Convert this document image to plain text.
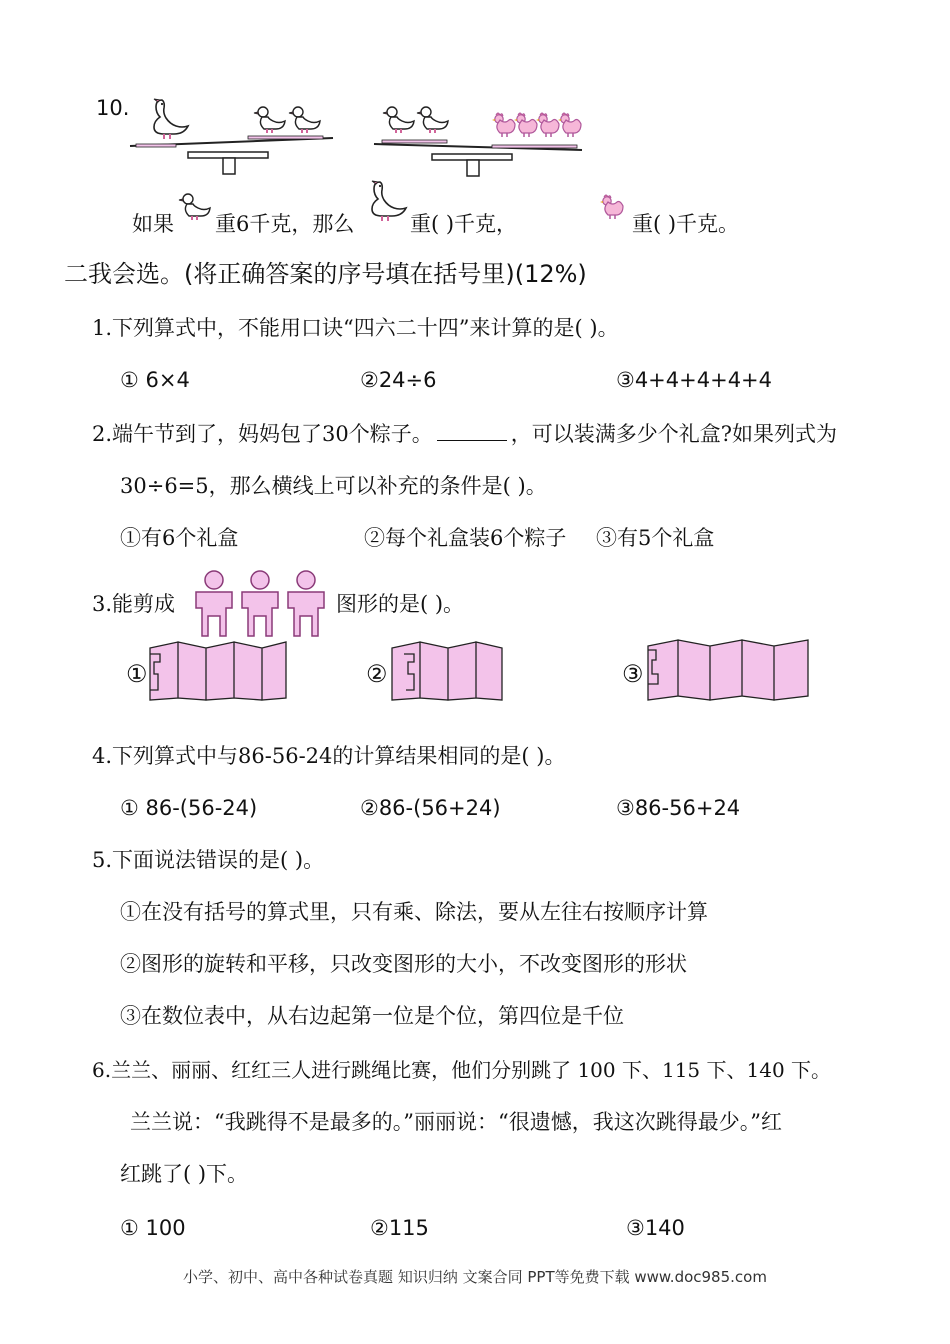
10.
如果 重6千克，那么	重( )千克，	重( )千克。
二我会选。(将正确答案的序号填在括号里)(12%)
1.下列算式中，不能用口诀“四六二十四”来计算的是( )。
① 6×4	②24÷6	③4+4+4+4+4
2.端午节到了，妈妈包了30个粽子。	，可以装满多少个礼盒?如果列式为
30÷6=5，那么横线上可以补充的条件是( )。
①有6个礼盒	②每个礼盒装6个粽子 ③有5个礼盒
3.能剪成	图形的是( )。
①	②	③
4.下列算式中与86-56-24的计算结果相同的是( )。
① 86-(56-24)	②86-(56+24)	③86-56+24
5.下面说法错误的是( )。
①在没有括号的算式里，只有乘、除法，要从左往右按顺序计算
②图形的旋转和平移，只改变图形的大小，不改变图形的形状
③在数位表中，从右边起第一位是个位，第四位是千位
6.兰兰、丽丽、红红三人进行跳绳比赛，他们分别跳了 100 下、115 下、140 下。
兰兰说：“我跳得不是最多的。”丽丽说：“很遗憾，我这次跳得最少。”红
红跳了( )下。
① 100	②115	③140
小学、初中、高中各种试卷真题 知识归纳 文案合同 PPT等免费下载 www.doc985.com
